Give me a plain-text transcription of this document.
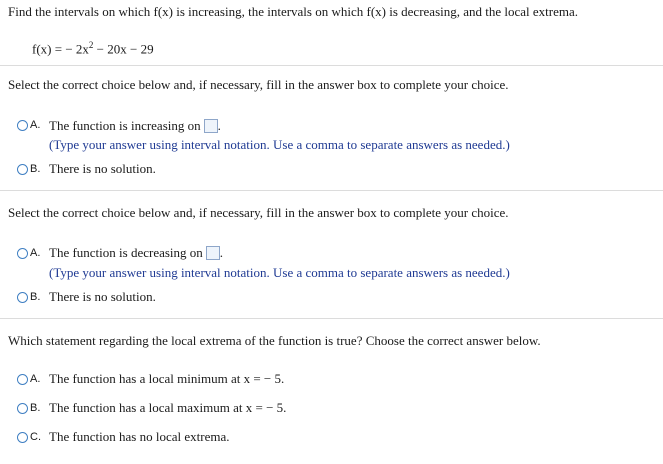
Find the intervals on which f(x) is increasing, the intervals on which f(x) is decreasing, and the local extrema.
f(x) = − $2x^2 - 20x - 29$
Select the correct choice below and, if necessary, fill in the answer box to complete your choice.
A. The function is increasing on .
(Type your answer using interval notation. Use a comma to separate answers as needed.)
B. There is no solution.
Select the correct choice below and, if necessary, fill in the answer box to complete your choice.
A. The function is decreasing on .
(Type your answer using interval notation. Use a comma to separate answers as needed.)
B. There is no solution.
Which statement regarding the local extrema of the function is true? Choose the correct answer below.
A. The function has a local minimum at x = − 5.
B. The function has a local maximum at x = − 5.
C. The function has no local extrema.
